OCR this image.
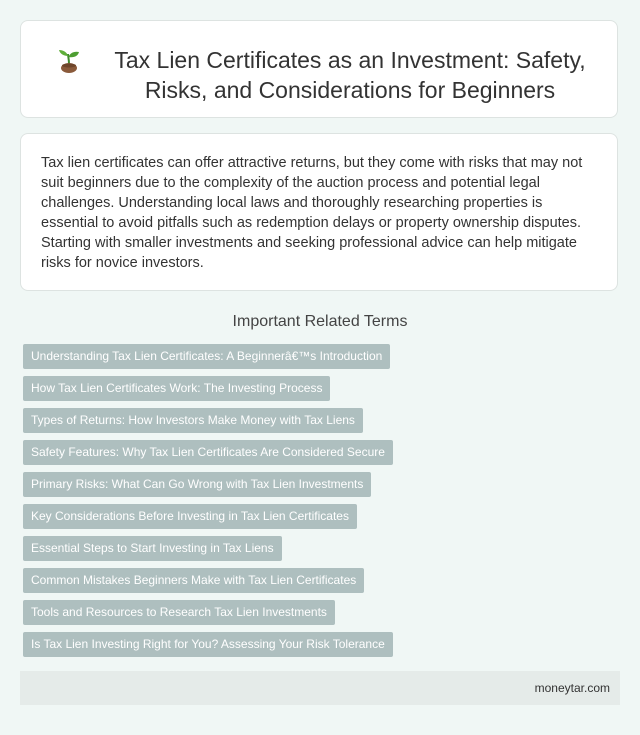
Tax Lien Certificates as an Investment: Safety, Risks, and Considerations for Beginners

Tax lien certificates can offer attractive returns, but they come with risks that may not suit beginners due to the complexity of the auction process and potential legal challenges. Understanding local laws and thoroughly researching properties is essential to avoid pitfalls such as redemption delays or property ownership disputes. Starting with smaller investments and seeking professional advice can help mitigate risks for novice investors.

Important Related Terms
Understanding Tax Lien Certificates: A Beginnerâ€™s Introduction
How Tax Lien Certificates Work: The Investing Process
Types of Returns: How Investors Make Money with Tax Liens
Safety Features: Why Tax Lien Certificates Are Considered Secure
Primary Risks: What Can Go Wrong with Tax Lien Investments
Key Considerations Before Investing in Tax Lien Certificates
Essential Steps to Start Investing in Tax Liens
Common Mistakes Beginners Make with Tax Lien Certificates
Tools and Resources to Research Tax Lien Investments
Is Tax Lien Investing Right for You? Assessing Your Risk Tolerance
moneytar.com
